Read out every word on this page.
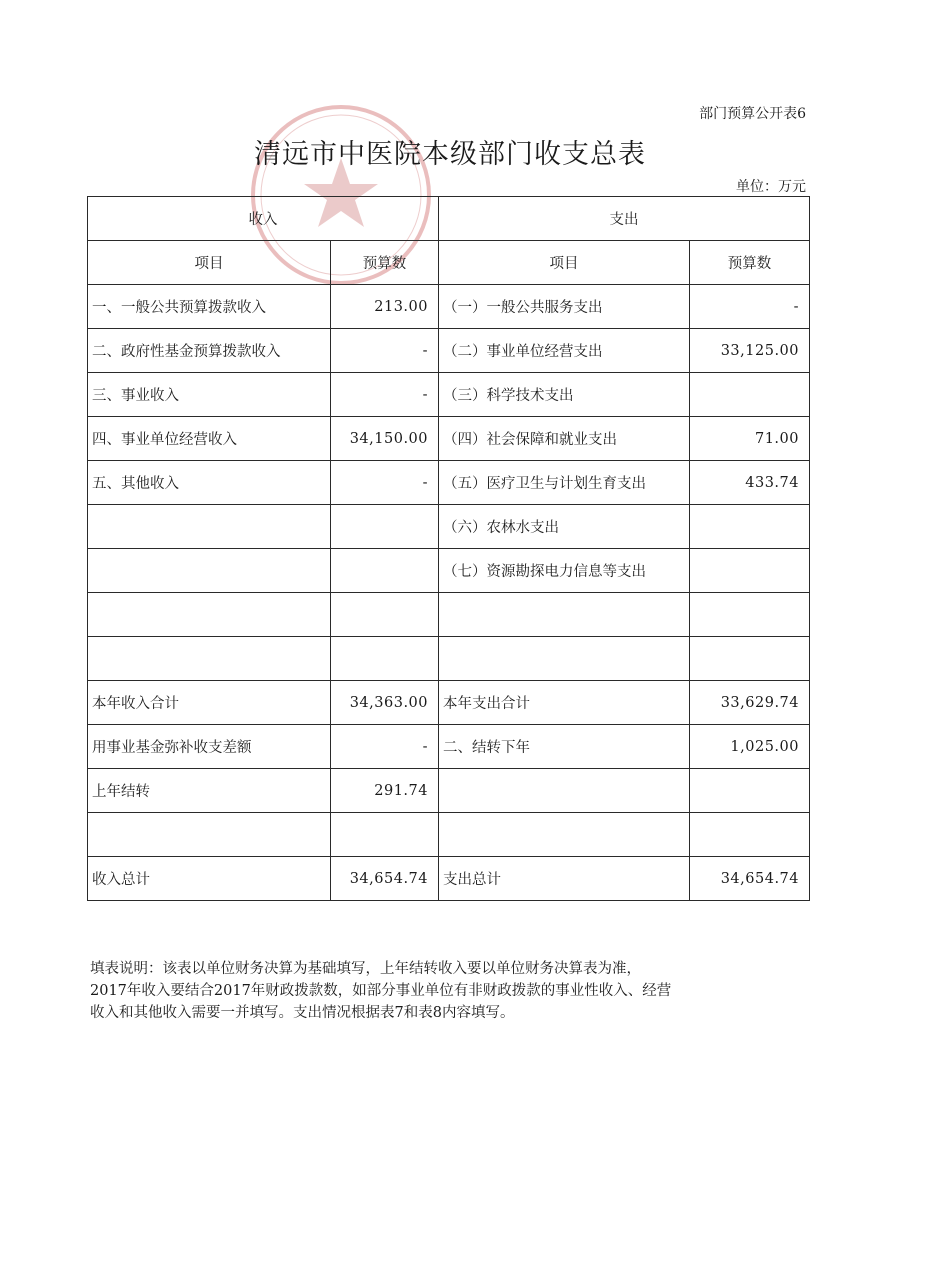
部门预算公开表6
清远市中医院本级部门收支总表
单位：万元
收入		支出	
项目	预算数	项目	预算数
一、一般公共预算拨款收入	213.00	（一）一般公共服务支出	-
二、政府性基金预算拨款收入	-	（二）事业单位经营支出	33,125.00
三、事业收入	-	（三）科学技术支出	
四、事业单位经营收入	34,150.00	（四）社会保障和就业支出	71.00
五、其他收入	-	（五）医疗卫生与计划生育支出	433.74
		（六）农林水支出	
		（七）资源勘探电力信息等支出	

本年收入合计	34,363.00	本年支出合计	33,629.74
用事业基金弥补收支差额	-	二、结转下年	1,025.00
上年结转	291.74		

收入总计	34,654.74	支出总计	34,654.74
填表说明：该表以单位财务决算为基础填写，上年结转收入要以单位财务决算表为准，
2017年收入要结合2017年财政拨款数，如部分事业单位有非财政拨款的事业性收入、经营
收入和其他收入需要一并填写。支出情况根据表7和表8内容填写。
